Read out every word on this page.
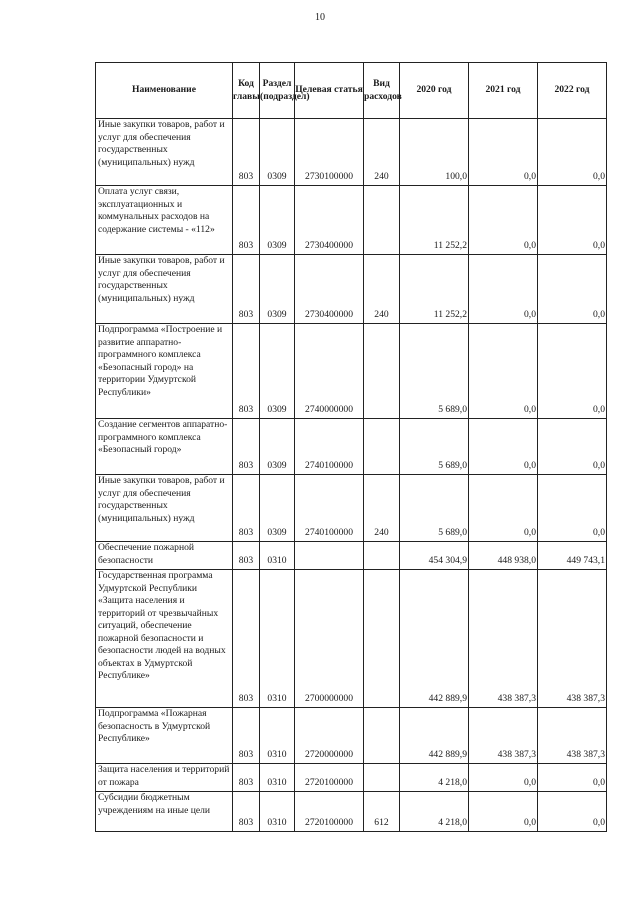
10
Наименование	Код главы	Раздел (подраздел)	Целевая статья	Вид расходов	2020 год	2021 год	2022 год
Иные закупки товаров, работ и услуг для обеспечения государственных (муниципальных) нужд	803	0309	2730100000	240	100,0	0,0	0,0
Оплата услуг связи, эксплуатационных и коммунальных расходов на содержание системы - «112»	803	0309	2730400000		11 252,2	0,0	0,0
Иные закупки товаров, работ и услуг для обеспечения государственных (муниципальных) нужд	803	0309	2730400000	240	11 252,2	0,0	0,0
Подпрограмма «Построение и развитие аппаратно-программного комплекса «Безопасный город» на территории Удмуртской Республики»	803	0309	2740000000		5 689,0	0,0	0,0
Создание сегментов аппаратно-программного комплекса «Безопасный город»	803	0309	2740100000		5 689,0	0,0	0,0
Иные закупки товаров, работ и услуг для обеспечения государственных (муниципальных) нужд	803	0309	2740100000	240	5 689,0	0,0	0,0
Обеспечение пожарной безопасности	803	0310			454 304,9	448 938,0	449 743,1
Государственная программа Удмуртской Республики «Защита населения и территорий от чрезвычайных ситуаций, обеспечение пожарной безопасности и безопасности людей на водных объектах в Удмуртской Республике»	803	0310	2700000000		442 889,9	438 387,3	438 387,3
Подпрограмма «Пожарная безопасность в Удмуртской Республике»	803	0310	2720000000		442 889,9	438 387,3	438 387,3
Защита населения и территорий от пожара	803	0310	2720100000		4 218,0	0,0	0,0
Субсидии бюджетным учреждениям на иные цели	803	0310	2720100000	612	4 218,0	0,0	0,0
